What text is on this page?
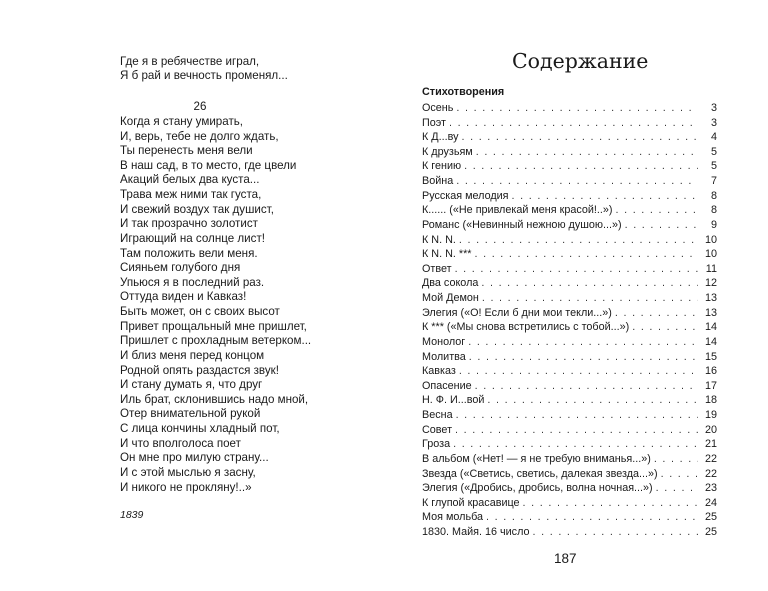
Где я в ребячестве играл,
Я б рай и вечность променял...
26
Когда я стану умирать,
И, верь, тебе не долго ждать,
Ты перенесть меня вели
В наш сад, в то место, где цвели
Акаций белых два куста...
Трава меж ними так густа,
И свежий воздух так душист,
И так прозрачно золотист
Играющий на солнце лист!
Там положить вели меня.
Сияньем голубого дня
Упьюся я в последний раз.
Оттуда виден и Кавказ!
Быть может, он с своих высот
Привет прощальный мне пришлет,
Пришлет с прохладным ветерком...
И близ меня перед концом
Родной опять раздастся звук!
И стану думать я, что друг
Иль брат, склонившись надо мной,
Отер внимательной рукой
С лица кончины хладный пот,
И что вполголоса поет
Он мне про милую страну...
И с этой мыслью я засну,
И никого не прокляну!..»
1839
Содержание
Стихотворения
Осень . . .	3
Поэт . . .	3
К Д...ву . . .	4
К друзьям . . .	5
К гению . . .	5
Война . . .	7
Русская мелодия . . .	8
К...... («Не привлекай меня красой!..») . . .	8
Романс («Невинный нежною душою...») . . .	9
К N. N. . . .	10
К N. N. *** . . .	10
Ответ . . .	11
Два сокола . . .	12
Мой Демон . . .	13
Элегия («О! Если б дни мои текли...») . . .	13
К *** («Мы снова встретились с тобой...») . . .	14
Монолог . . .	14
Молитва . . .	15
Кавказ . . .	16
Опасение . . .	17
Н. Ф. И...вой . . .	18
Весна . . .	19
Совет . . .	20
Гроза . . .	21
В альбом («Нет! — я не требую вниманья...») . . .	22
Звезда («Светись, светись, далекая звезда...») . . .	22
Элегия («Дробись, дробись, волна ночная...») . . .	23
К глупой красавице . . .	24
Моя мольба . . .	25
1830. Майя. 16 число . . .	25
187
